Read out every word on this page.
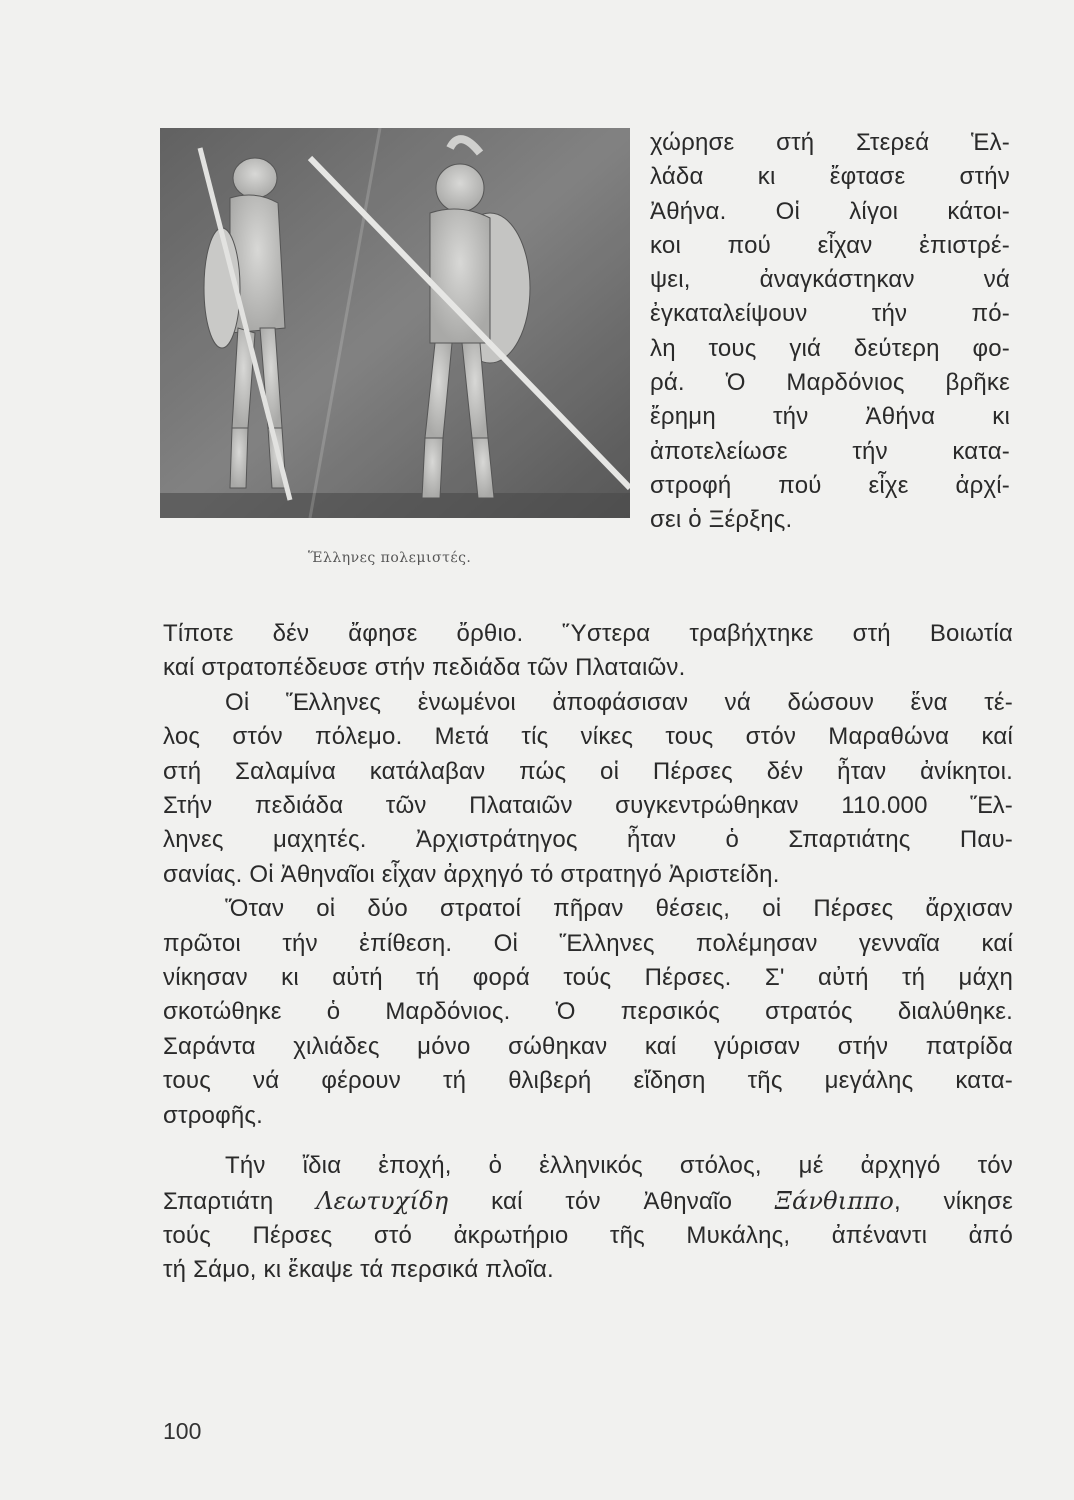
Ἕλληνες πολεμιστές.
χώρησε στή Στερεά Ἑλ-
λάδα κι ἔφτασε στήν
Ἀθήνα. Οἱ λίγοι κάτοι-
κοι πού εἶχαν ἐπιστρέ-
ψει, ἀναγκάστηκαν νά
ἐγκαταλείψουν τήν πό-
λη τους γιά δεύτερη φο-
ρά. Ὁ Μαρδόνιος βρῆκε
ἔρημη τήν Ἀθήνα κι
ἀποτελείωσε τήν κατα-
στροφή πού εἶχε ἀρχί-
σει ὁ Ξέρξης.
Τίποτε δέν ἄφησε ὄρθιο. Ὕστερα τραβήχτηκε στή Βοιωτία
καί στρατοπέδευσε στήν πεδιάδα τῶν Πλαταιῶν.
Οἱ Ἕλληνες ἑνωμένοι ἀποφάσισαν νά δώσουν ἕνα τέ-
λος στόν πόλεμο. Μετά τίς νίκες τους στόν Μαραθώνα καί
στή Σαλαμίνα κατάλαβαν πώς οἱ Πέρσες δέν ἦταν ἀνίκητοι.
Στήν πεδιάδα τῶν Πλαταιῶν συγκεντρώθηκαν 110.000 Ἕλ-
ληνες μαχητές. Ἀρχιστράτηγος ἦταν ὁ Σπαρτιάτης Παυ-
σανίας. Οἱ Ἀθηναῖοι εἶχαν ἀρχηγό τό στρατηγό Ἀριστείδη.
Ὅταν οἱ δύο στρατοί πῆραν θέσεις, οἱ Πέρσες ἄρχισαν
πρῶτοι τήν ἐπίθεση. Οἱ Ἕλληνες πολέμησαν γενναῖα καί
νίκησαν κι αὐτή τή φορά τούς Πέρσες. Σ' αὐτή τή μάχη
σκοτώθηκε ὁ Μαρδόνιος. Ὁ περσικός στρατός διαλύθηκε.
Σαράντα χιλιάδες μόνο σώθηκαν καί γύρισαν στήν πατρίδα
τους νά φέρουν τή θλιβερή εἴδηση τῆς μεγάλης κατα-
στροφῆς.
Τήν ἴδια ἐποχή, ὁ ἑλληνικός στόλος, μέ ἀρχηγό τόν
Σπαρτιάτη Λεωτυχίδη καί τόν Ἀθηναῖο Ξάνθιππο, νίκησε
τούς Πέρσες στό ἀκρωτήριο τῆς Μυκάλης, ἀπέναντι ἀπό
τή Σάμο, κι ἔκαψε τά περσικά πλοῖα.
100
